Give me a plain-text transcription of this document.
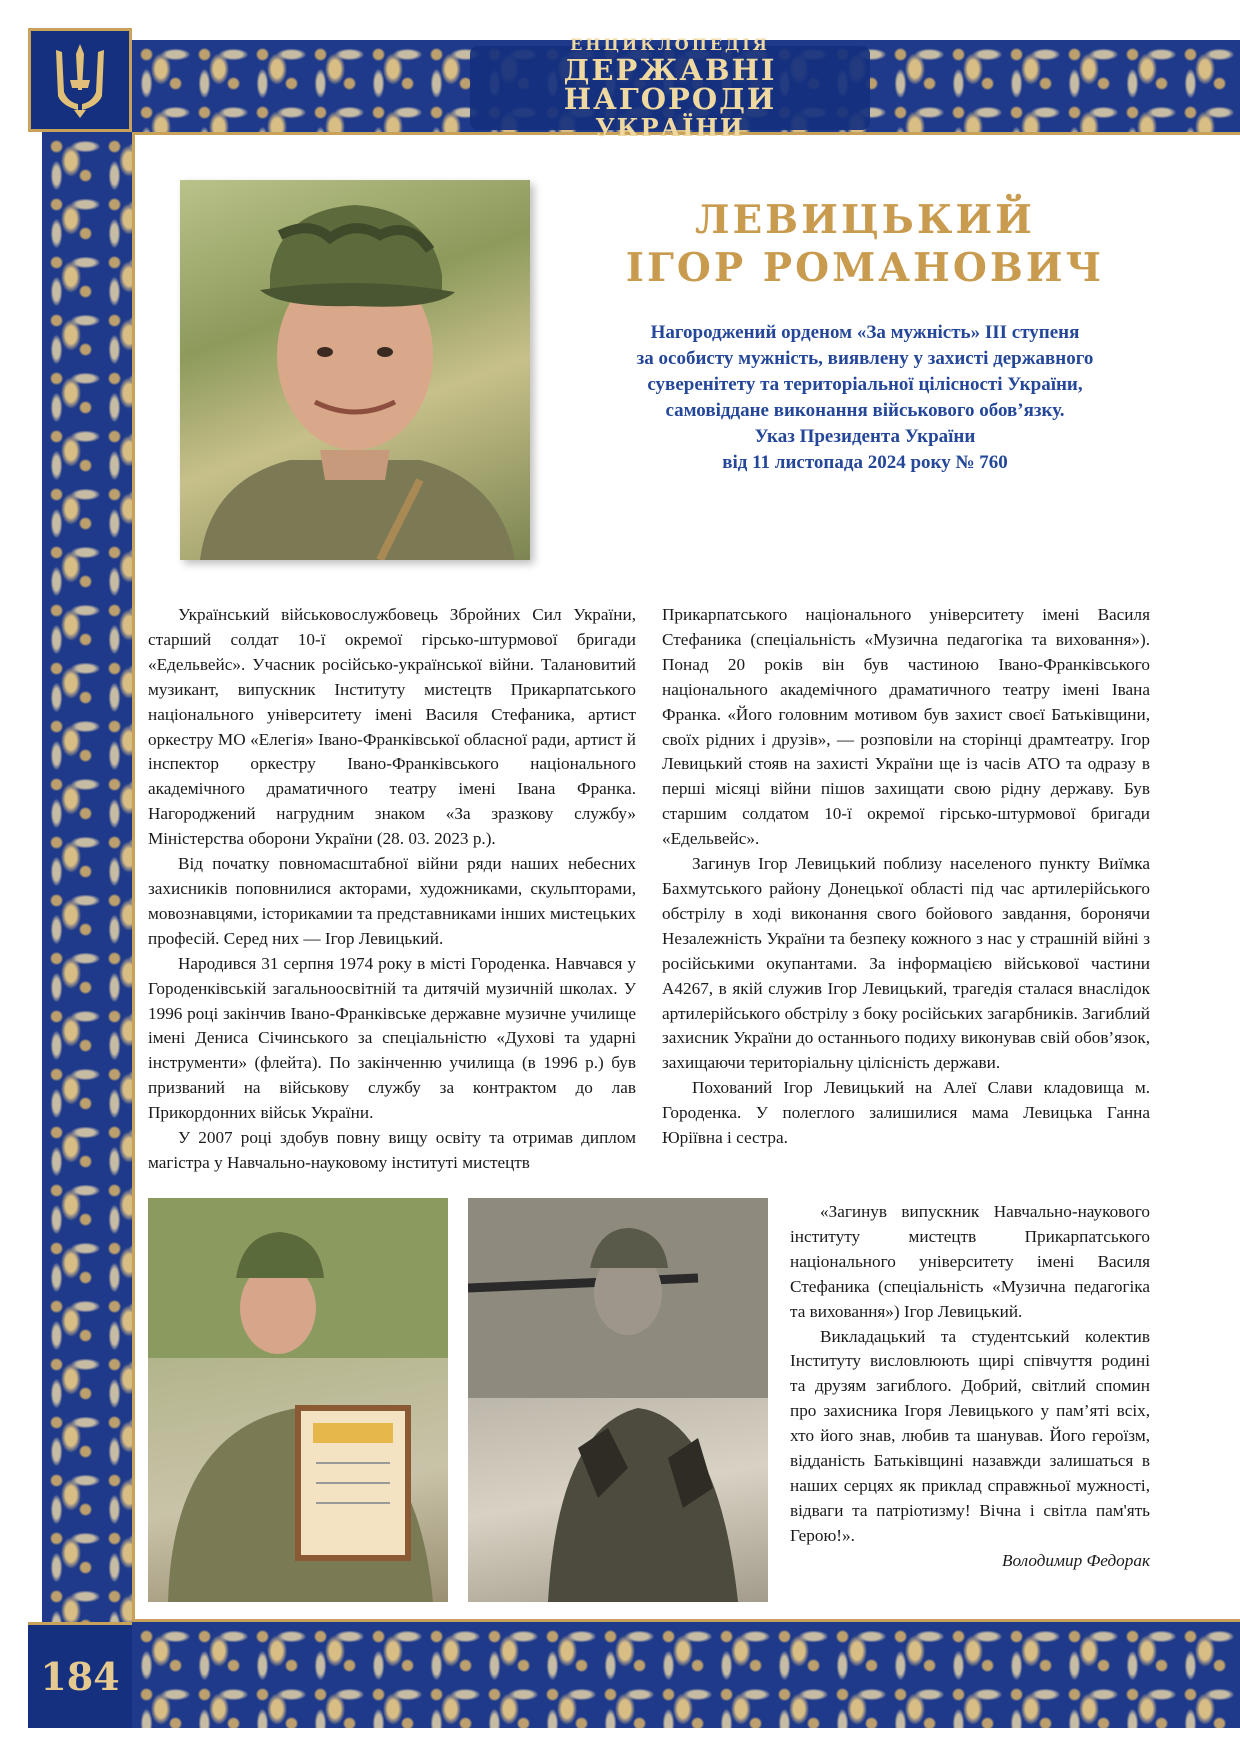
ЕНЦИКЛОПЕДІЯ
ДЕРЖАВНІ НАГОРОДИ
УКРАЇНИ
184
ЛЕВИЦЬКИЙ
ІГОР РОМАНОВИЧ
Нагороджений орденом «За мужність» ІІІ ступеня
за особисту мужність, виявлену у захисті державного
суверенітету та територіальної цілісності України,
самовіддане виконання військового обов’язку.
Указ Президента України
від 11 листопада 2024 року № 760

Український військовослужбовець Збройних Сил України, старший солдат 10-ї окремої гірсько-штурмової бригади «Едельвейс». Учасник російсько-української війни. Талановитий музикант, випускник Інституту мистецтв Прикарпатського національного університету імені Василя Стефаника, артист оркестру МО «Елегія» Івано-Франківської обласної ради, артист й інспектор оркестру Івано-Франківського національного академічного драматичного театру імені Івана Франка. Нагороджений нагрудним знаком «За зразкову службу» Міністерства оборони України (28. 03. 2023 р.).

Від початку повномасштабної війни ряди наших небесних захисників поповнилися акторами, художниками, скульпторами, мовознавцями, історикамии та представниками інших мистецьких професій. Серед них — Ігор Левицький.

Народився 31 серпня 1974 року в місті Городенка. Навчався у Городенківській загальноосвітній та дитячій музичній школах. У 1996 році закінчив Івано-Франківське державне музичне училище імені Дениса Січинського за спеціальністю «Духові та ударні інструменти» (флейта). По закінченню училища (в 1996 р.) був призваний на військову службу за контрактом до лав Прикордонних військ України.

У 2007 році здобув повну вищу освіту та отримав диплом магістра у Навчально-науковому інституті мистецтв

Прикарпатського національного університету імені Василя Стефаника (спеціальність «Музична педагогіка та виховання»). Понад 20 років він був частиною Івано-Франківського національного академічного драматичного театру імені Івана Франка. «Його головним мотивом був захист своєї Батьківщини, своїх рідних і друзів», — розповіли на сторінці драмтеатру. Ігор Левицький стояв на захисті України ще із часів АТО та одразу в перші місяці війни пішов захищати свою рідну державу. Був старшим солдатом 10-ї окремої гірсько-штурмової бригади «Едельвейс».

Загинув Ігор Левицький поблизу населеного пункту Виїмка Бахмутського району Донецької області під час артилерійського обстрілу в ході виконання свого бойового завдання, боронячи Незалежність України та безпеку кожного з нас у страшній війні з російськими окупантами. За інформацією військової частини А4267, в якій служив Ігор Левицький, трагедія сталася внаслідок артилерійського обстрілу з боку російських загарбників. Загиблий захисник України до останнього подиху виконував свій обов’язок, захищаючи територіальну цілісність держави.

Похований Ігор Левицький на Алеї Слави кладовища м. Городенка. У полеглого залишилися мама Левицька Ганна Юріївна і сестра.

«Загинув випускник Навчально-наукового інституту мистецтв Прикарпатського національного університету імені Василя Стефаника (спеціальність «Музична педагогіка та виховання») Ігор Левицький.

Викладацький та студентський колектив Інституту висловлюють щирі співчуття родині та друзям загиблого. Добрий, світлий спомин про захисника Ігоря Левицького у пам’яті всіх, хто його знав, любив та шанував. Його героїзм, відданість Батьківщині назавжди залишаться в наших серцях як приклад справжньої мужності, відваги та патріотизму! Вічна і світла пам'ять Герою!».

Володимир Федорак
